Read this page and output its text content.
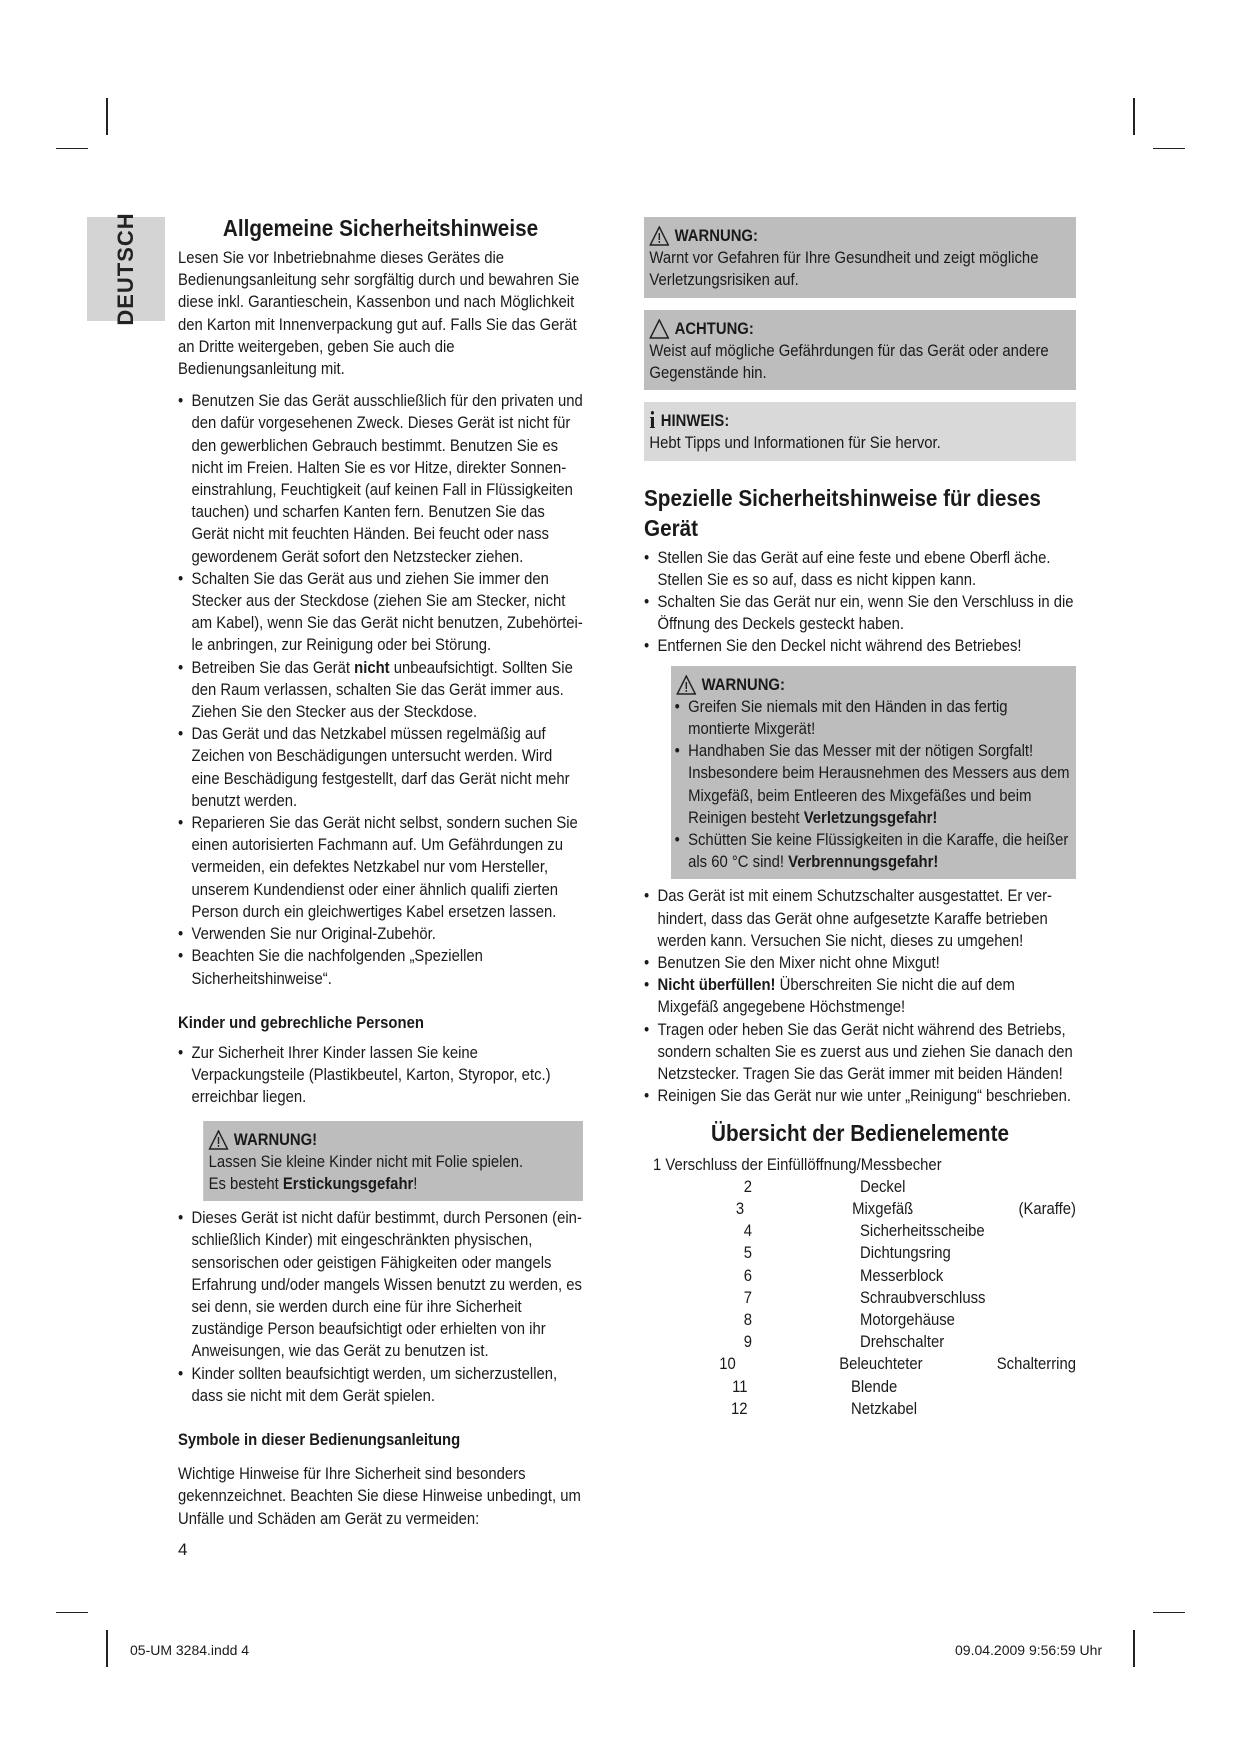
DEUTSCH	Allgemeine Sicherheitshinweise

Lesen Sie vor Inbetriebnahme dieses Gerätes die Bedienungsanleitung sehr sorgfältig durch und bewahren Sie diese inkl. Garantieschein, Kassenbon und nach Möglichkeit den Karton mit Innenverpackung gut auf. Falls Sie das Gerät an Dritte weitergeben, geben Sie auch die Bedienungsanleitung mit.

• Benutzen Sie das Gerät ausschließlich für den privaten und den dafür vorgesehenen Zweck. Dieses Gerät ist nicht für den gewerblichen Gebrauch bestimmt. Benutzen Sie es nicht im Freien. Halten Sie es vor Hitze, direkter Sonneneinstrahlung, Feuchtigkeit (auf keinen Fall in Flüssigkeiten tauchen) und scharfen Kanten fern. Benutzen Sie das Gerät nicht mit feuchten Händen. Bei feucht oder nass gewordenem Gerät sofort den Netzstecker ziehen.
• Schalten Sie das Gerät aus und ziehen Sie immer den Stecker aus der Steckdose (ziehen Sie am Stecker, nicht am Kabel), wenn Sie das Gerät nicht benutzen, Zubehörteile anbringen, zur Reinigung oder bei Störung.
• Betreiben Sie das Gerät nicht unbeaufsichtigt. Sollten Sie den Raum verlassen, schalten Sie das Gerät immer aus. Ziehen Sie den Stecker aus der Steckdose.
• Das Gerät und das Netzkabel müssen regelmäßig auf Zeichen von Beschädigungen untersucht werden. Wird eine Beschädigung festgestellt, darf das Gerät nicht mehr benutzt werden.
• Reparieren Sie das Gerät nicht selbst, sondern suchen Sie einen autorisierten Fachmann auf. Um Gefährdungen zu vermeiden, ein defektes Netzkabel nur vom Hersteller, unserem Kundendienst oder einer ähnlich qualifi zierten Person durch ein gleichwertiges Kabel ersetzen lassen.
• Verwenden Sie nur Original-Zubehör.
• Beachten Sie die nachfolgenden „Speziellen Sicherheitshinweise“.
Kinder und gebrechliche Personen
• Zur Sicherheit Ihrer Kinder lassen Sie keine Verpackungsteile (Plastikbeutel, Karton, Styropor, etc.) erreichbar liegen.
WARNUNG!

Lassen Sie kleine Kinder nicht mit Folie spielen.

Es besteht Erstickungsgefahr!

• Dieses Gerät ist nicht dafür bestimmt, durch Personen (einschließlich Kinder) mit eingeschränkten physischen, sensorischen oder geistigen Fähigkeiten oder mangels Erfahrung und/oder mangels Wissen benutzt zu werden, es sei denn, sie werden durch eine für ihre Sicherheit zuständige Person beaufsichtigt oder erhielten von ihr Anweisungen, wie das Gerät zu benutzen ist.
• Kinder sollten beaufsichtigt werden, um sicherzustellen, dass sie nicht mit dem Gerät spielen.
Symbole in dieser Bedienungsanleitung

Wichtige Hinweise für Ihre Sicherheit sind besonders gekennzeichnet. Beachten Sie diese Hinweise unbedingt, um Unfälle und Schäden am Gerät zu vermeiden:

WARNUNG:

Warnt vor Gefahren für Ihre Gesundheit und zeigt mögliche Verletzungsrisiken auf.

ACHTUNG:

Weist auf mögliche Gefährdungen für das Gerät oder andere Gegenstände hin.

i HINWEIS:

Hebt Tipps und Informationen für Sie hervor.

Spezielle Sicherheitshinweise für dieses Gerät
• Stellen Sie das Gerät auf eine feste und ebene Oberfl äche. Stellen Sie es so auf, dass es nicht kippen kann.
• Schalten Sie das Gerät nur ein, wenn Sie den Verschluss in die Öffnung des Deckels gesteckt haben.
• Entfernen Sie den Deckel nicht während des Betriebes!
WARNUNG:
• Greifen Sie niemals mit den Händen in das fertig montierte Mixgerät!
• Handhaben Sie das Messer mit der nötigen Sorgfalt! Insbesondere beim Herausnehmen des Messers aus dem Mixgefäß, beim Entleeren des Mixgefäßes und beim Reinigen besteht Verletzungsgefahr!
• Schütten Sie keine Flüssigkeiten in die Karaffe, die heißer als 60 °C sind! Verbrennungsgefahr!
• Das Gerät ist mit einem Schutzschalter ausgestattet. Er verhindert, dass das Gerät ohne aufgesetzte Karaffe betrieben werden kann. Versuchen Sie nicht, dieses zu umgehen!
• Benutzen Sie den Mixer nicht ohne Mixgut!
• Nicht überfüllen! Überschreiten Sie nicht die auf dem Mixgefäß angegebene Höchstmenge!
• Tragen oder heben Sie das Gerät nicht während des Betriebs, sondern schalten Sie es zuerst aus und ziehen Sie danach den Netzstecker. Tragen Sie das Gerät immer mit beiden Händen!
• Reinigen Sie das Gerät nur wie unter „Reinigung“ beschrieben.
Übersicht der Bedienelemente
1 Verschluss der Einfüllöffnung/Messbecher
2	Deckel
3	Mixgefäß	(Karaffe)
4	Sicherheitsscheibe
5	Dichtungsring
6	Messerblock
7	Schraubverschluss
8	Motorgehäuse
9	Drehschalter
10	Beleuchteter	Schalterring
11	Blende
12	Netzkabel
4
05-UM 3284.indd 4	09.04.2009 9:56:59 Uhr
